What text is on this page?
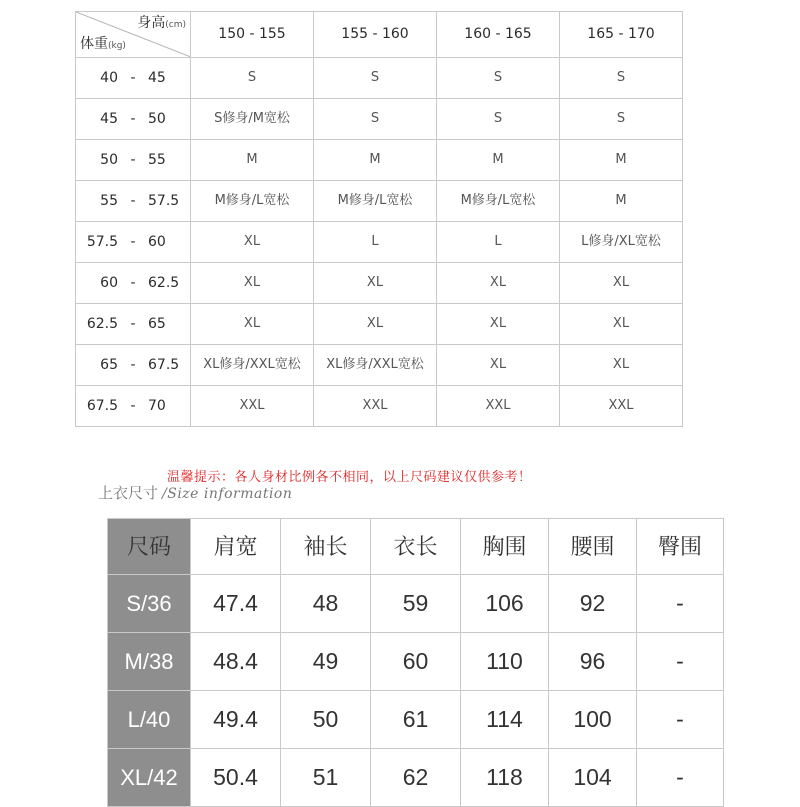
身高(cm)
体重(kg)	150 - 155	155 - 160	160 - 165	165 - 170
40 - 45	S	S	S	S
45 - 50	S修身/M宽松	S	S	S
50 - 55	M	M	M	M
55 - 57.5	M修身/L宽松	M修身/L宽松	M修身/L宽松	M
57.5 - 60	XL	L	L	L修身/XL宽松
60 - 62.5	XL	XL	XL	XL
62.5 - 65	XL	XL	XL	XL
65 - 67.5	XL修身/XXL宽松	XL修身/XXL宽松	XL	XL
67.5 - 70	XXL	XXL	XXL	XXL
温馨提示：各人身材比例各不相同，以上尺码建议仅供参考！
上衣尺寸 /Size information
尺码	肩宽	袖长	衣长	胸围	腰围	臀围
S/36	47.4	48	59	106	92	-
M/38	48.4	49	60	110	96	-
L/40	49.4	50	61	114	100	-
XL/42	50.4	51	62	118	104	-
